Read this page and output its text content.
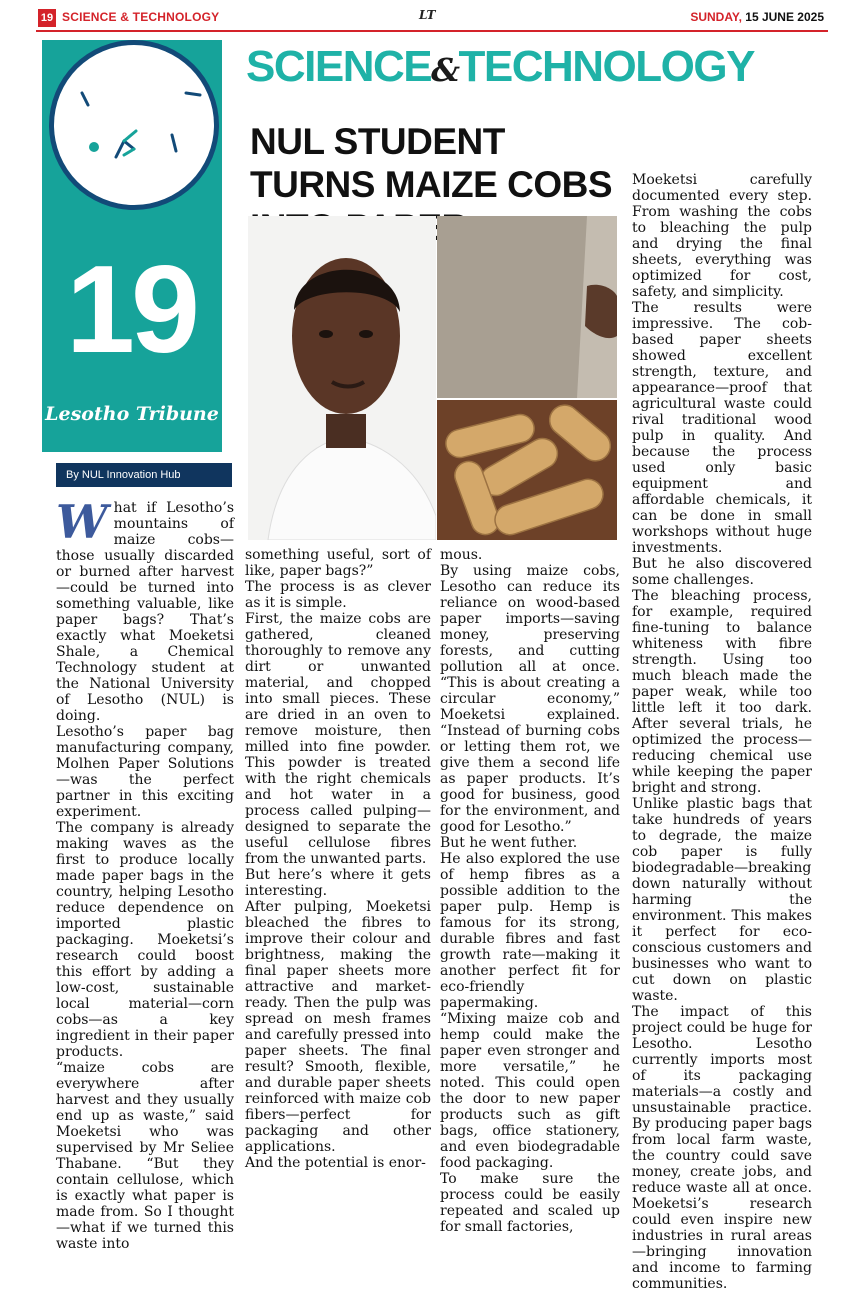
19 SCIENCE & TECHNOLOGY	LT	SUNDAY, 15 JUNE 2025
19
Lesotho Tribune
SCIENCE&TECHNOLOGY
NUL STUDENT TURNS MAIZE COBS
By NUL Innovation Hub
W hat if Lesotho’s mountains of maize cobs—those usually discarded or burned after harvest—could be turned into something valuable, like paper bags? That’s exactly what Moeketsi Shale, a Chemical Technology student at the National University of Lesotho (NUL) is doing.

Lesotho’s paper bag manufacturing company, Molhen Paper Solutions—was the perfect partner in this exciting experiment.

The company is already making waves as the first to produce locally made paper bags in the country, helping Lesotho reduce dependence on imported plastic packaging. Moeketsi’s research could boost this effort by adding a low-cost, sustainable local material—corn cobs—as a key ingredient in their paper products.

“maize cobs are everywhere after harvest and they usually end up as waste,” said Moeketsi who was supervised by Mr Seliee Thabane. “But they contain cellulose, which is exactly what paper is made from. So I thought—what if we turned this waste into

something useful, sort of like, paper bags?”

The process is as clever as it is simple.

First, the maize cobs are gathered, cleaned thoroughly to remove any dirt or unwanted material, and chopped into small pieces. These are dried in an oven to remove moisture, then milled into fine powder. This powder is treated with the right chemicals and hot water in a process called pulping—designed to separate the useful cellulose fibres from the unwanted parts.

But here’s where it gets interesting.

After pulping, Moeketsi bleached the fibres to improve their colour and brightness, making the final paper sheets more attractive and market-ready. Then the pulp was spread on mesh frames and carefully pressed into paper sheets. The final result? Smooth, flexible, and durable paper sheets reinforced with maize cob fibers—perfect for packaging and other applications.

And the potential is enor-

mous.

By using maize cobs, Lesotho can reduce its reliance on wood-based paper imports—saving money, preserving forests, and cutting pollution all at once. “This is about creating a circular economy,” Moeketsi explained. “Instead of burning cobs or letting them rot, we give them a second life as paper products. It’s good for business, good for the environment, and good for Lesotho.”

But he went futher.

He also explored the use of hemp fibres as a possible addition to the paper pulp. Hemp is famous for its strong, durable fibres and fast growth rate—making it another perfect fit for eco-friendly papermaking.

“Mixing maize cob and hemp could make the paper even stronger and more versatile,” he noted. This could open the door to new paper products such as gift bags, office stationery, and even biodegradable food packaging.

To make sure the process could be easily repeated and scaled up for small factories,

Moeketsi carefully documented every step. From washing the cobs to bleaching the pulp and drying the final sheets, everything was optimized for cost, safety, and simplicity.

The results were impressive. The cob-based paper sheets showed excellent strength, texture, and appearance—proof that agricultural waste could rival traditional wood pulp in quality. And because the process used only basic equipment and affordable chemicals, it can be done in small workshops without huge investments.

But he also discovered some challenges.

The bleaching process, for example, required fine-tuning to balance whiteness with fibre strength. Using too much bleach made the paper weak, while too little left it too dark. After several trials, he optimized the process—reducing chemical use while keeping the paper bright and strong.

Unlike plastic bags that take hundreds of years to degrade, the maize cob paper is fully biodegradable—breaking down naturally without harming the environment. This makes it perfect for eco-conscious customers and businesses who want to cut down on plastic waste.

The impact of this project could be huge for Lesotho. Lesotho currently imports most of its packaging materials—a costly and unsustainable practice. By producing paper bags from local farm waste, the country could save money, create jobs, and reduce waste all at once. Moeketsi’s research could even inspire new industries in rural areas—bringing innovation and income to farming communities.
